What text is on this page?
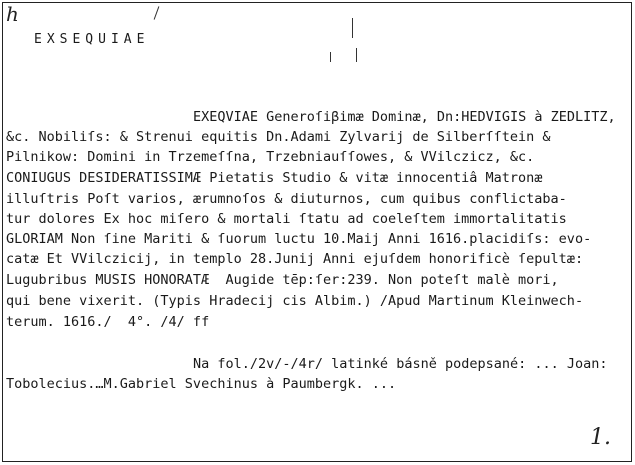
h
EXSEQUIAE
EXEQVIAE Generoſiβimæ Dominæ, Dn:HEDVIGIS à ZEDLITZ,
&c. Nobiliſs: & Strenui equitis Dn.Adami Zylvarij de Silberſſtein &
Pilnikow: Domini in Trzemeſſna, Trzebniauſſowes, & VVilczicz, &c.
CONIUGUS DESIDERATISSIMÆ Pietatis Studio & vitæ innocentiâ Matronæ
illuſtris Poſt varios, ærumnoſos & diuturnos, cum quibus conflictaba-
tur dolores Ex hoc miſero & mortali ſtatu ad coeleſtem immortalitatis
GLORIAM Non ſine Mariti & ſuorum luctu 10.Maij Anni 1616.placidiſs: evo-
catæ Et VVilczicij, in templo 28.Junij Anni ejuſdem honorificè ſepultæ:
Lugubribus MUSIS HONORATÆ  Augide tēp:ſer:239. Non poteſt malè mori,
qui bene vixerit. (Typis Hradecij cis Albim.) /Apud Martinum Kleinwech-
terum. 1616./  4°. /4/ ff
Na fol./2v/-/4r/ latinké básně podepsané: ... Joan:
Tobolecius.…M.Gabriel Svechinus à Paumbergk. ...
1.
